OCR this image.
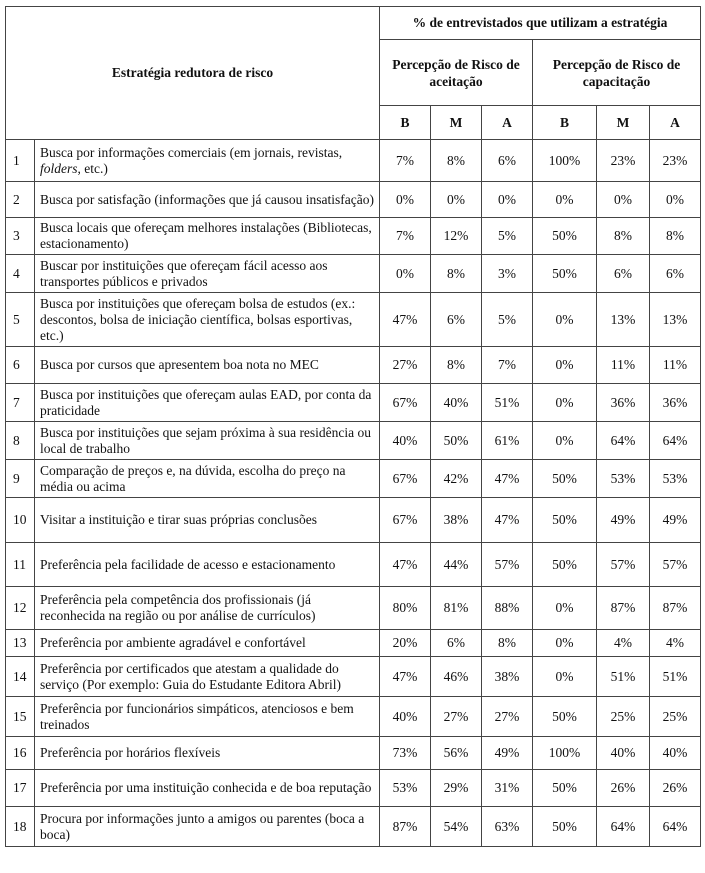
Estratégia redutora de risco		% de entrevistados que utilizam a estratégia					
		Percepção de Risco de aceitação			Percepção de Risco de capacitação		
		B	M	A	B	M	A
1	Busca por informações comerciais (em jornais, revistas, folders, etc.)	7%	8%	6%	100%	23%	23%
2	Busca por satisfação (informações que já causou insatisfação)	0%	0%	0%	0%	0%	0%
3	Busca locais que ofereçam melhores instalações (Bibliotecas, estacionamento)	7%	12%	5%	50%	8%	8%
4	Buscar por instituições que ofereçam fácil acesso aos transportes públicos e privados	0%	8%	3%	50%	6%	6%
5	Busca por instituições que ofereçam bolsa de estudos (ex.: descontos, bolsa de iniciação científica, bolsas esportivas, etc.)	47%	6%	5%	0%	13%	13%
6	Busca por cursos que apresentem boa nota no MEC	27%	8%	7%	0%	11%	11%
7	Busca por instituições que ofereçam aulas EAD, por conta da praticidade	67%	40%	51%	0%	36%	36%
8	Busca por instituições que sejam próxima à sua residência ou local de trabalho	40%	50%	61%	0%	64%	64%
9	Comparação de preços e, na dúvida, escolha do preço na média ou acima	67%	42%	47%	50%	53%	53%
10	Visitar a instituição e tirar suas próprias conclusões	67%	38%	47%	50%	49%	49%
11	Preferência pela facilidade de acesso e estacionamento	47%	44%	57%	50%	57%	57%
12	Preferência pela competência dos profissionais (já reconhecida na região ou por análise de currículos)	80%	81%	88%	0%	87%	87%
13	Preferência por ambiente agradável e confortável	20%	6%	8%	0%	4%	4%
14	Preferência por certificados que atestam a qualidade do serviço (Por exemplo: Guia do Estudante Editora Abril)	47%	46%	38%	0%	51%	51%
15	Preferência por funcionários simpáticos, atenciosos e bem treinados	40%	27%	27%	50%	25%	25%
16	Preferência por horários flexíveis	73%	56%	49%	100%	40%	40%
17	Preferência por uma instituição conhecida e de boa reputação	53%	29%	31%	50%	26%	26%
18	Procura por informações junto a amigos ou parentes (boca a boca)	87%	54%	63%	50%	64%	64%
